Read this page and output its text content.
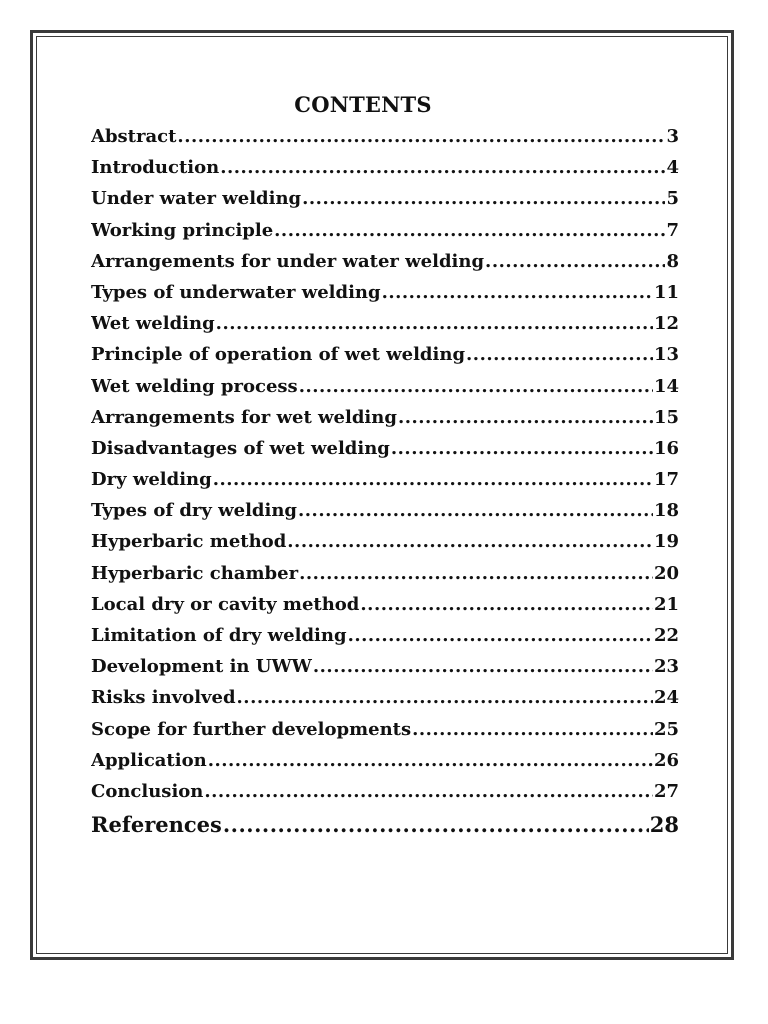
CONTENTS
Abstract .....	3
Introduction .....	4
Under water welding .....	5
Working principle .....	7
Arrangements for under water welding .....	8
Types of underwater welding .....	11
Wet welding .....	12
Principle of operation of wet welding .....	13
Wet welding process .....	14
Arrangements for wet welding .....	15
Disadvantages of wet welding .....	16
Dry welding .....	17
Types of dry welding .....	18
Hyperbaric method .....	19
Hyperbaric chamber .....	20
Local dry or cavity method .....	21
Limitation of dry welding .....	22
Development in UWW .....	23
Risks involved .....	24
Scope for further developments .....	25
Application .....	26
Conclusion .....	27
References .....	28
